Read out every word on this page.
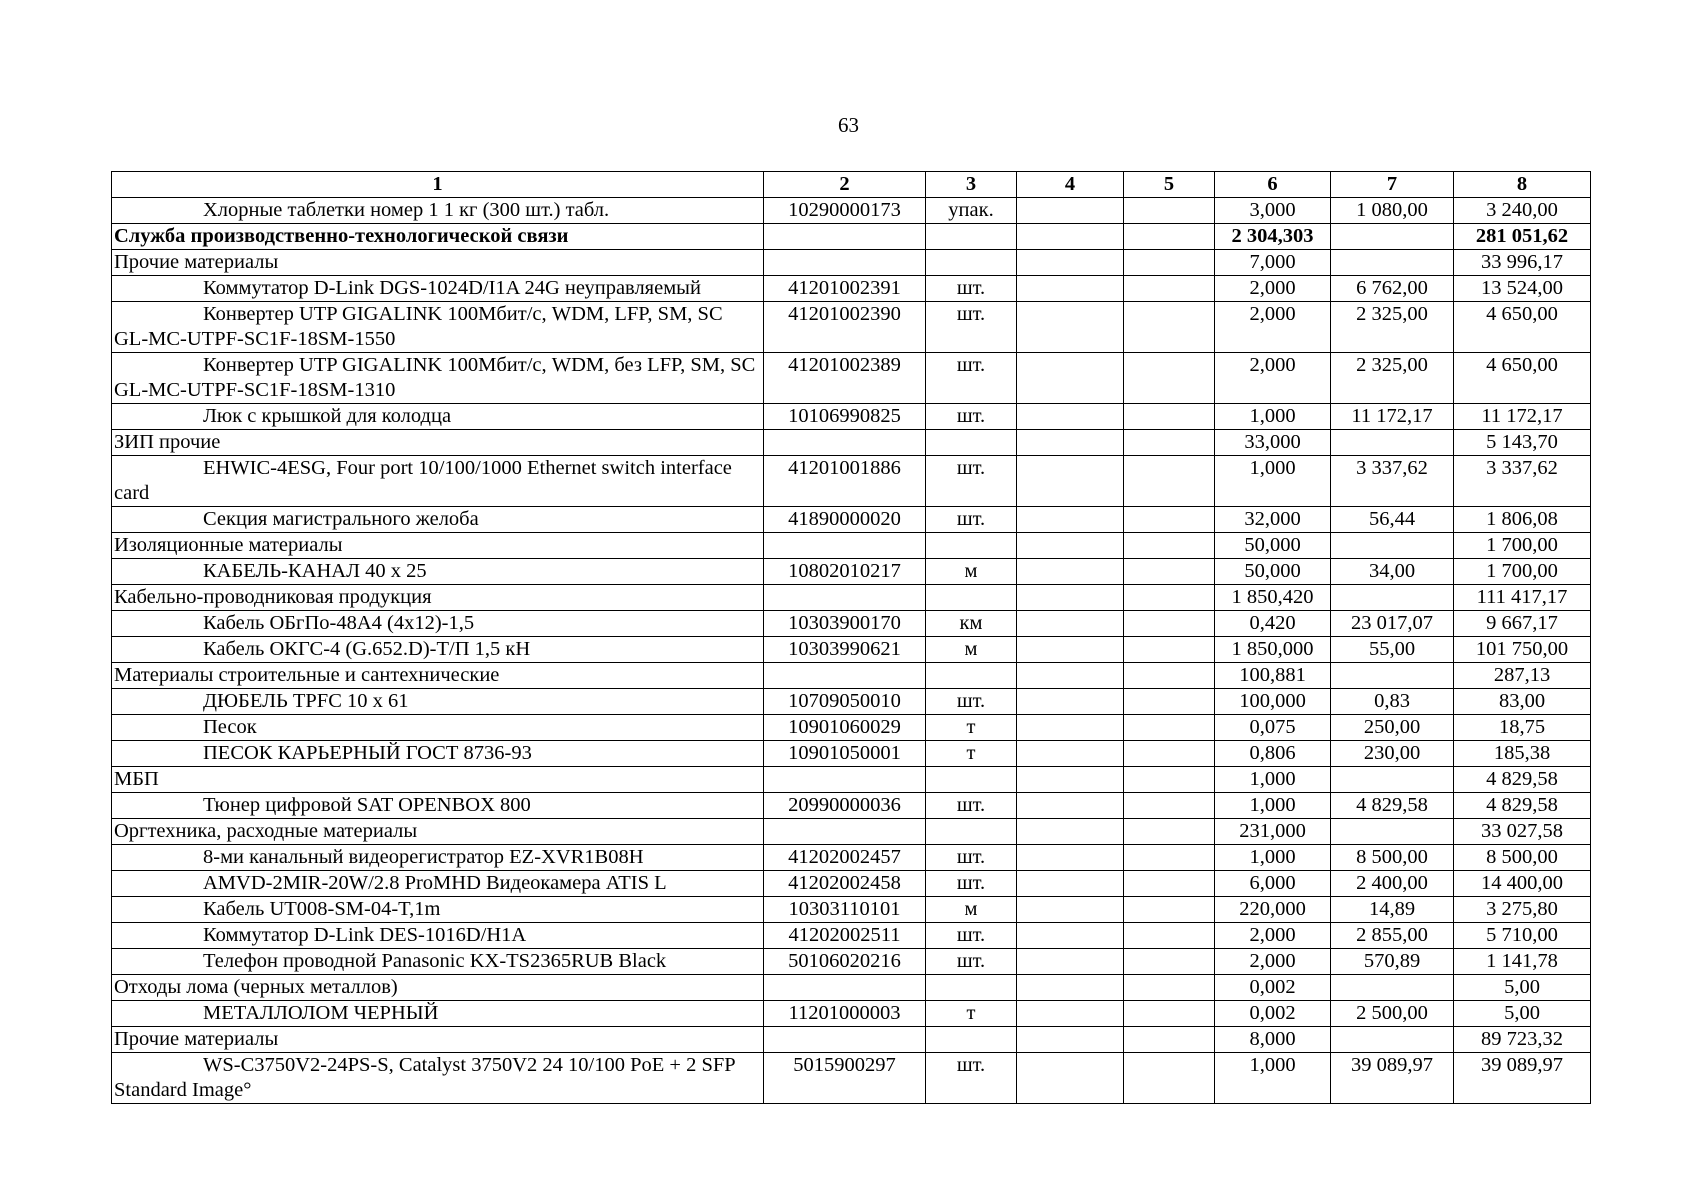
63
1	2	3	4	5	6	7	8
Хлорные таблетки номер 1 1 кг (300 шт.) табл.	10290000173	упак.			3,000	1 080,00	3 240,00
Служба производственно-технологической связи					2 304,303		281 051,62
Прочие материалы					7,000		33 996,17
Коммутатор D-Link DGS-1024D/I1A 24G неуправляемый	41201002391	шт.			2,000	6 762,00	13 524,00
Конвертер UTP GIGALINK 100Мбит/с, WDM, LFP, SM, SC GL-MC-UTPF-SC1F-18SM-1550	41201002390	шт.			2,000	2 325,00	4 650,00
Конвертер UTP GIGALINK 100Мбит/с, WDM, без LFP, SM, SC GL-MC-UTPF-SC1F-18SM-1310	41201002389	шт.			2,000	2 325,00	4 650,00
Люк с крышкой для колодца	10106990825	шт.			1,000	11 172,17	11 172,17
ЗИП прочие					33,000		5 143,70
EHWIC-4ESG, Four port 10/100/1000 Ethernet switch interface card	41201001886	шт.			1,000	3 337,62	3 337,62
Секция магистрального желоба	41890000020	шт.			32,000	56,44	1 806,08
Изоляционные материалы					50,000		1 700,00
КАБЕЛЬ-КАНАЛ 40 х 25	10802010217	м			50,000	34,00	1 700,00
Кабельно-проводниковая продукция					1 850,420		111 417,17
Кабель ОБгПо-48А4 (4х12)-1,5	10303900170	км			0,420	23 017,07	9 667,17
Кабель ОКГС-4 (G.652.D)-Т/П 1,5 кН	10303990621	м			1 850,000	55,00	101 750,00
Материалы строительные и сантехнические					100,881		287,13
ДЮБЕЛЬ TPFC 10 x 61	10709050010	шт.			100,000	0,83	83,00
Песок	10901060029	т			0,075	250,00	18,75
ПЕСОК КАРЬЕРНЫЙ ГОСТ 8736-93	10901050001	т			0,806	230,00	185,38
МБП					1,000		4 829,58
Тюнер цифровой SAT OPENBOX 800	20990000036	шт.			1,000	4 829,58	4 829,58
Оргтехника, расходные материалы					231,000		33 027,58
8-ми канальный видеорегистратор EZ-XVR1B08H	41202002457	шт.			1,000	8 500,00	8 500,00
AMVD-2MIR-20W/2.8 ProMHD Видеокамера ATIS L	41202002458	шт.			6,000	2 400,00	14 400,00
Кабель UT008-SM-04-T,1m	10303110101	м			220,000	14,89	3 275,80
Коммутатор D-Link DES-1016D/H1A	41202002511	шт.			2,000	2 855,00	5 710,00
Телефон проводной Panasonic KX-TS2365RUB Black	50106020216	шт.			2,000	570,89	1 141,78
Отходы лома (черных металлов)					0,002		5,00
МЕТАЛЛОЛОМ ЧЕРНЫЙ	11201000003	т			0,002	2 500,00	5,00
Прочие материалы					8,000		89 723,32
WS-C3750V2-24PS-S, Catalyst 3750V2 24 10/100 PoE + 2 SFP Standard Image°	5015900297	шт.			1,000	39 089,97	39 089,97
